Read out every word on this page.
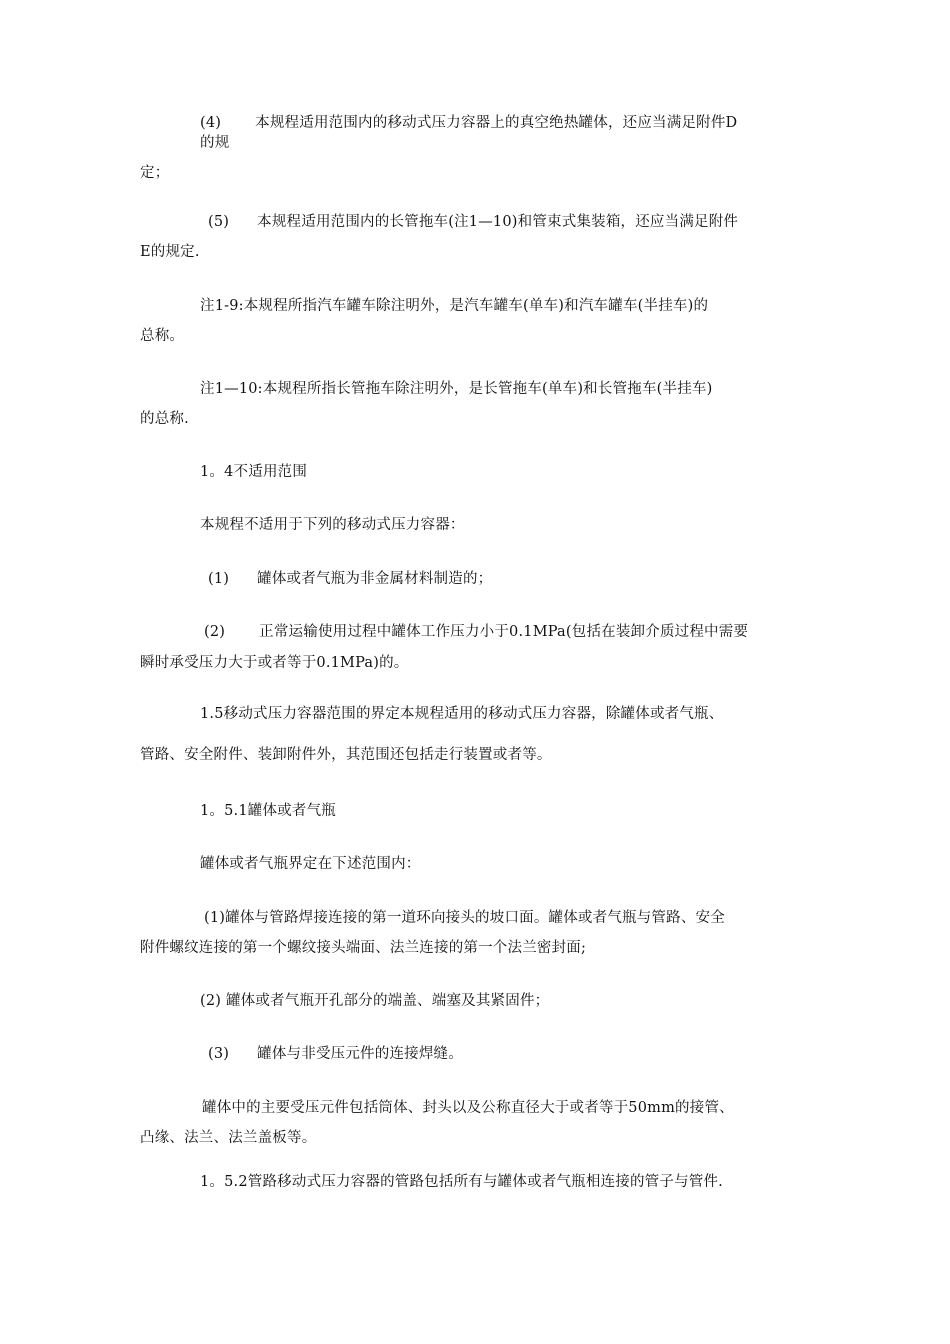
(4) 本规程适用范围内的移动式压力容器上的真空绝热罐体，还应当满足附件D

的规

定；

(5) 本规程适用范围内的长管拖车(注1—10)和管束式集装箱，还应当满足附件

E的规定.

注1-9:本规程所指汽车罐车除注明外，是汽车罐车(单车)和汽车罐车(半挂车)的

总称。

注1—10:本规程所指长管拖车除注明外，是长管拖车(单车)和长管拖车(半挂车)

的总称.

1。4不适用范围

本规程不适用于下列的移动式压力容器：

(1) 罐体或者气瓶为非金属材料制造的；

(2) 正常运输使用过程中罐体工作压力小于0.1MPa(包括在装卸介质过程中需要

瞬时承受压力大于或者等于0.1MPa)的。

1.5移动式压力容器范围的界定本规程适用的移动式压力容器，除罐体或者气瓶、

管路、安全附件、装卸附件外，其范围还包括走行装置或者等。

1。5.1罐体或者气瓶

罐体或者气瓶界定在下述范围内：

(1)罐体与管路焊接连接的第一道环向接头的坡口面。罐体或者气瓶与管路、安全

附件螺纹连接的第一个螺纹接头端面、法兰连接的第一个法兰密封面;

(2) 罐体或者气瓶开孔部分的端盖、端塞及其紧固件；

(3) 罐体与非受压元件的连接焊缝。

罐体中的主要受压元件包括筒体、封头以及公称直径大于或者等于50mm的接管、

凸缘、法兰、法兰盖板等。

1。5.2管路移动式压力容器的管路包括所有与罐体或者气瓶相连接的管子与管件.
